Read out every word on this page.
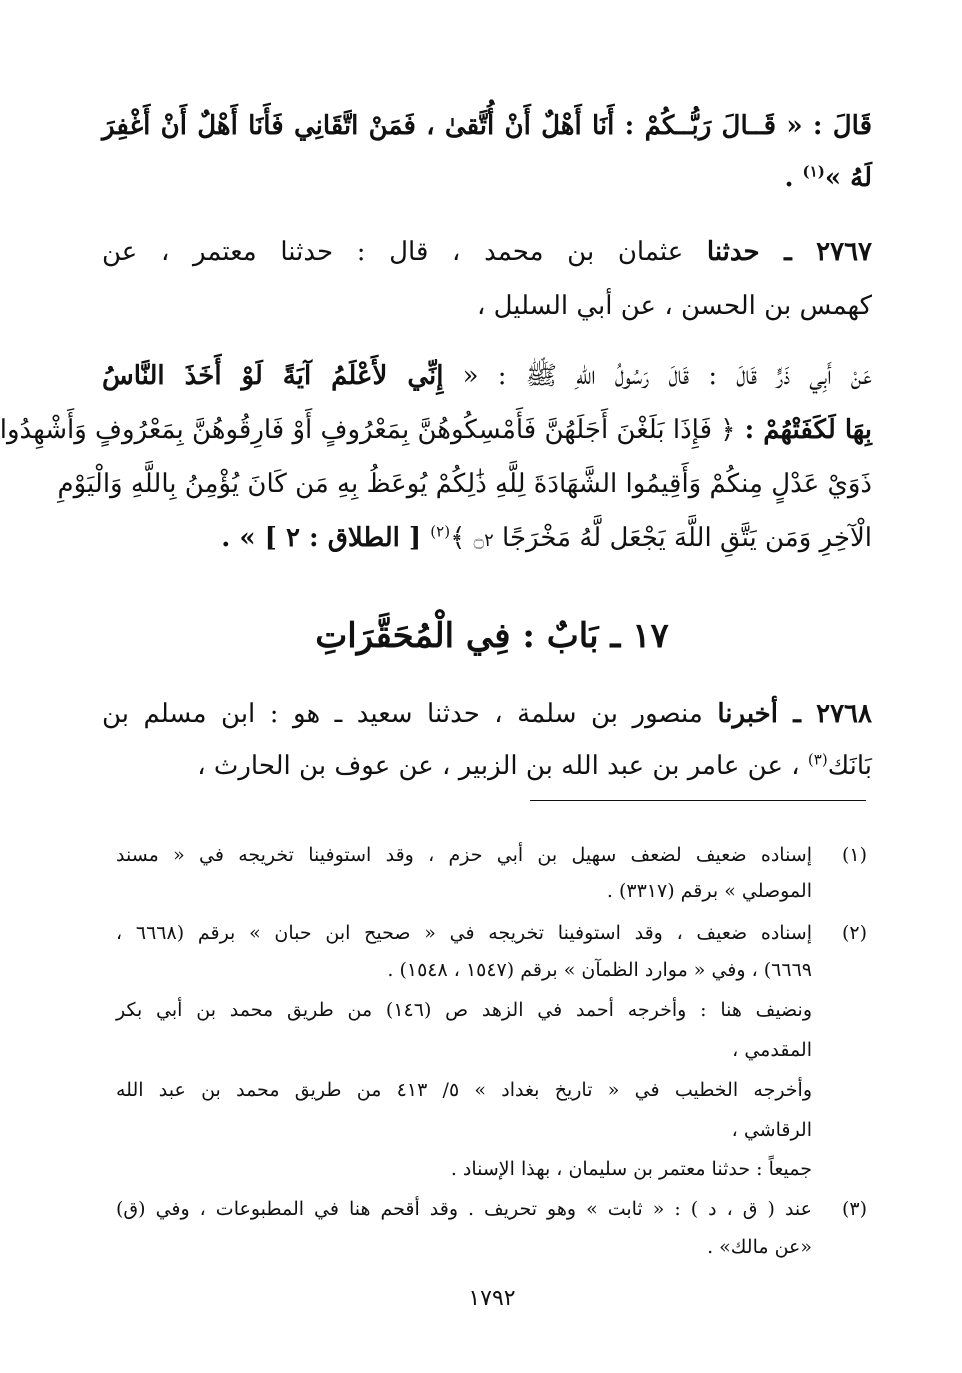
قَالَ : « قَــالَ رَبُّــكُمْ : أَنَا أَهْلٌ أَنْ أُتَّقىٰ ، فَمَنْ اتَّقَانِي فَأَنَا أَهْلٌ أَنْ أَغْفِرَ
لَهُ »$^{(١)}$ .
٢٧٦٧ ـ حدثنا عثمان بن محمد ، قال : حدثنا معتمر ، عن
كهمس بن الحسن ، عن أبي السليل ،
عَنْ أَبِي ذَرٍّ قَالَ : قَالَ رَسُولُ اللهِ ﷺ : « إِنِّي لأَعْلَمُ آيَةً لَوْ أَخَذَ النَّاسُ
بِهَا لَكَفَتْهُمْ : ﴿ فَإِذَا بَلَغْنَ أَجَلَهُنَّ فَأَمْسِكُوهُنَّ بِمَعْرُوفٍ أَوْ فَارِقُوهُنَّ بِمَعْرُوفٍ وَأَشْهِدُوا
ذَوَيْ عَدْلٍ مِنكُمْ وَأَقِيمُوا الشَّهَادَةَ لِلَّهِ ذَٰلِكُمْ يُوعَظُ بِهِ مَن كَانَ يُؤْمِنُ بِاللَّهِ وَالْيَوْمِ
الْآخِرِ وَمَن يَتَّقِ اللَّهَ يَجْعَل لَّهُ مَخْرَجًا ۝٢ ﴾$^{(٢)}$ [ الطلاق : ٢ ] » .
١٧ ـ بَابٌ : فِي الْمُحَقَّرَاتِ
٢٧٦٨ ـ أخبرنا منصور بن سلمة ، حدثنا سعيد ـ هو : ابن مسلم بن
بَانَك$^{(٣)}$ ، عن عامر بن عبد الله بن الزبير ، عن عوف بن الحارث ،
(١)
إسناده ضعيف لضعف سهيل بن أبي حزم ، وقد استوفينا تخريجه في « مسند
الموصلي » برقم (٣٣١٧) .
(٢)
إسناده ضعيف ، وقد استوفينا تخريجه في « صحيح ابن حبان » برقم (٦٦٦٨ ،
٦٦٦٩) ، وفي « موارد الظمآن » برقم (١٥٤٧ ، ١٥٤٨) .
ونضيف هنا : وأخرجه أحمد في الزهد ص (١٤٦) من طريق محمد بن أبي بكر
المقدمي ،
وأخرجه الخطيب في « تاريخ بغداد » ٥/ ٤١٣ من طريق محمد بن عبد الله
الرقاشي ،
جميعاً : حدثنا معتمر بن سليمان ، بهذا الإسناد .
(٣)
عند ( ق ، د ) : « ثابت » وهو تحريف . وقد أقحم هنا في المطبوعات ، وفي (ق)
«عن مالك» .
١٧٩٢
